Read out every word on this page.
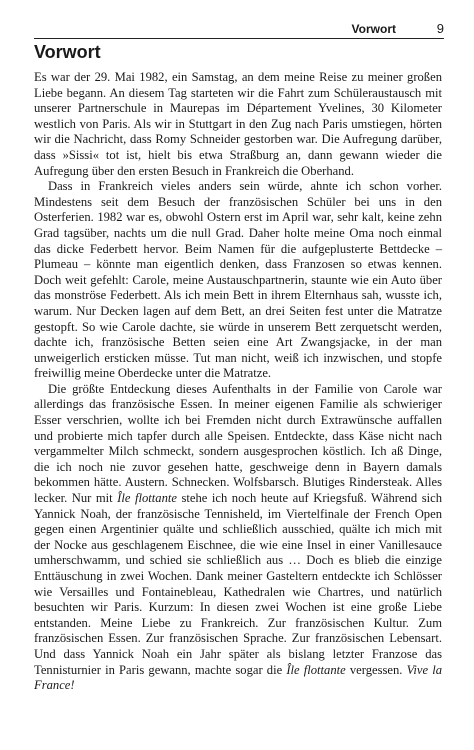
Vorwort	9
Vorwort

Es war der 29. Mai 1982, ein Samstag, an dem meine Reise zu meiner großen Liebe begann. An diesem Tag starteten wir die Fahrt zum Schüleraustausch mit unserer Partnerschule in Maurepas im Département Yvelines, 30 Kilometer westlich von Paris. Als wir in Stuttgart in den Zug nach Paris umstiegen, hörten wir die Nachricht, dass Romy Schneider gestorben war. Die Aufregung darüber, dass »Sissi« tot ist, hielt bis etwa Straßburg an, dann gewann wieder die Aufregung über den ersten Besuch in Frankreich die Oberhand.

Dass in Frankreich vieles anders sein würde, ahnte ich schon vorher. Mindestens seit dem Besuch der französischen Schüler bei uns in den Osterferien. 1982 war es, obwohl Ostern erst im April war, sehr kalt, keine zehn Grad tagsüber, nachts um die null Grad. Daher holte meine Oma noch einmal das dicke Federbett hervor. Beim Namen für die aufgeplusterte Bettdecke – Plumeau – könnte man eigentlich denken, dass Franzosen so etwas kennen. Doch weit gefehlt: Carole, meine Austauschpartnerin, staunte wie ein Auto über das monströse Federbett. Als ich mein Bett in ihrem Elternhaus sah, wusste ich, warum. Nur Decken lagen auf dem Bett, an drei Seiten fest unter die Matratze gestopft. So wie Carole dachte, sie würde in unserem Bett zerquetscht werden, dachte ich, französische Betten seien eine Art Zwangsjacke, in der man unweigerlich ersticken müsse. Tut man nicht, weiß ich inzwischen, und stopfe freiwillig meine Oberdecke unter die Matratze.

Die größte Entdeckung dieses Aufenthalts in der Familie von Carole war allerdings das französische Essen. In meiner eigenen Familie als schwieriger Esser verschrien, wollte ich bei Fremden nicht durch Extrawünsche auffallen und probierte mich tapfer durch alle Speisen. Entdeckte, dass Käse nicht nach vergammelter Milch schmeckt, sondern ausgesprochen köstlich. Ich aß Dinge, die ich noch nie zuvor gesehen hatte, geschweige denn in Bayern damals bekommen hätte. Austern. Schnecken. Wolfsbarsch. Blutiges Rindersteak. Alles lecker. Nur mit Île flottante stehe ich noch heute auf Kriegsfuß. Während sich Yannick Noah, der französische Tennisheld, im Viertelfinale der French Open gegen einen Argentinier quälte und schließlich ausschied, quälte ich mich mit der Nocke aus geschlagenem Eischnee, die wie eine Insel in einer Vanillesauce umherschwamm, und schied sie schließlich aus … Doch es blieb die einzige Enttäuschung in zwei Wochen. Dank meiner Gasteltern entdeckte ich Schlösser wie Versailles und Fontainebleau, Kathedralen wie Chartres, und natürlich besuchten wir Paris. Kurzum: In diesen zwei Wochen ist eine große Liebe entstanden. Meine Liebe zu Frankreich. Zur französischen Kultur. Zum französischen Essen. Zur französischen Sprache. Zur französischen Lebensart. Und dass Yannick Noah ein Jahr später als bislang letzter Franzose das Tennisturnier in Paris gewann, machte sogar die Île flottante vergessen. Vive la France!
